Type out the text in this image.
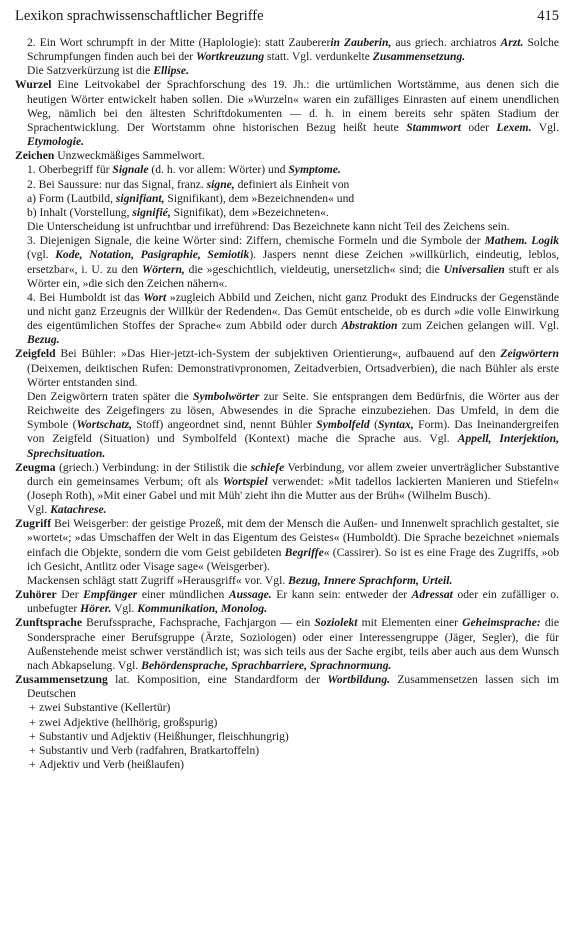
Lexikon sprachwissenschaftlicher Begriffe	415
2. Ein Wort schrumpft in der Mitte (Haplologie): statt Zaubererin Zauberin, aus griech. archiatros Arzt. Solche Schrumpfungen finden auch bei der Wortkreuzung statt. Vgl. verdunkelte Zusammensetzung.
Die Satzverkürzung ist die Ellipse.
Wurzel Eine Leitvokabel der Sprachforschung des 19. Jh.: die urtümlichen Wortstämme, aus denen sich die heutigen Wörter entwickelt haben sollen. Die »Wurzeln« waren ein zufälliges Einrasten auf einem unendlichen Weg, nämlich bei den ältesten Schriftdokumenten — d. h. in einem bereits sehr späten Stadium der Sprachentwicklung. Der Wortstamm ohne historischen Bezug heißt heute Stammwort oder Lexem. Vgl. Etymologie.
Zeichen Unzweckmäßiges Sammelwort.
1. Oberbegriff für Signale (d. h. vor allem: Wörter) und Symptome.
2. Bei Saussure: nur das Signal, franz. signe, definiert als Einheit von
a) Form (Lautbild, signifiant, Signifikant), dem »Bezeichnenden« und
b) Inhalt (Vorstellung, signifié, Signifikat), dem »Bezeichneten«.
Die Unterscheidung ist unfruchtbar und irreführend: Das Bezeichnete kann nicht Teil des Zeichens sein.
3. Diejenigen Signale, die keine Wörter sind: Ziffern, chemische Formeln und die Symbole der Mathem. Logik (vgl. Kode, Notation, Pasigraphie, Semiotik). Jaspers nennt diese Zeichen »willkürlich, eindeutig, leblos, ersetzbar«, i. U. zu den Wörtern, die »geschichtlich, vieldeutig, unersetzlich« sind; die Universalien stuft er als Wörter ein, »die sich den Zeichen nähern«.
4. Bei Humboldt ist das Wort »zugleich Abbild und Zeichen, nicht ganz Produkt des Eindrucks der Gegenstände und nicht ganz Erzeugnis der Willkür der Redenden«. Das Gemüt entscheide, ob es durch »die volle Einwirkung des eigentümlichen Stoffes der Sprache« zum Abbild oder durch Abstraktion zum Zeichen gelangen will. Vgl. Bezug.
Zeigfeld Bei Bühler: »Das Hier-jetzt-ich-System der subjektiven Orientierung«, aufbauend auf den Zeigwörtern (Deixemen, deiktischen Rufen: Demonstrativpronomen, Zeitadverbien, Ortsadverbien), die nach Bühler als erste Wörter entstanden sind.
Den Zeigwörtern traten später die Symbolwörter zur Seite. Sie entsprangen dem Bedürfnis, die Wörter aus der Reichweite des Zeigefingers zu lösen, Abwesendes in die Sprache einzubeziehen. Das Umfeld, in dem die Symbole (Wortschatz, Stoff) angeordnet sind, nennt Bühler Symbolfeld (Syntax, Form). Das Ineinandergreifen von Zeigfeld (Situation) und Symbolfeld (Kontext) mache die Sprache aus. Vgl. Appell, Interjektion, Sprechsituation.
Zeugma (griech.) Verbindung: in der Stilistik die schiefe Verbindung, vor allem zweier unverträglicher Substantive durch ein gemeinsames Verbum; oft als Wortspiel verwendet: »Mit tadellos lackierten Manieren und Stiefeln« (Joseph Roth), »Mit einer Gabel und mit Müh' zieht ihn die Mutter aus der Brüh« (Wilhelm Busch).
Vgl. Katachrese.
Zugriff Bei Weisgerber: der geistige Prozeß, mit dem der Mensch die Außen- und Innenwelt sprachlich gestaltet, sie »wortet«; »das Umschaffen der Welt in das Eigentum des Geistes« (Humboldt). Die Sprache bezeichnet »niemals einfach die Objekte, sondern die vom Geist gebildeten Begriffe« (Cassirer). So ist es eine Frage des Zugriffs, »ob ich Gesicht, Antlitz oder Visage sage« (Weisgerber).
Mackensen schlägt statt Zugriff »Herausgriff« vor. Vgl. Bezug, Innere Sprachform, Urteil.
Zuhörer Der Empfänger einer mündlichen Aussage. Er kann sein: entweder der Adressat oder ein zufälliger o. unbefugter Hörer. Vgl. Kommunikation, Monolog.
Zunftsprache Berufssprache, Fachsprache, Fachjargon — ein Soziolekt mit Elementen einer Geheimsprache: die Sondersprache einer Berufsgruppe (Ärzte, Soziologen) oder einer Interessengruppe (Jäger, Segler), die für Außenstehende meist schwer verständlich ist; was sich teils aus der Sache ergibt, teils aber auch aus dem Wunsch nach Abkapselung. Vgl. Behördensprache, Sprachbarriere, Sprachnormung.
Zusammensetzung lat. Komposition, eine Standardform der Wortbildung. Zusammensetzen lassen sich im Deutschen
+ zwei Substantive (Kellertür)
+ zwei Adjektive (hellhörig, großspurig)
+ Substantiv und Adjektiv (Heißhunger, fleischhungrig)
+ Substantiv und Verb (radfahren, Bratkartoffeln)
+ Adjektiv und Verb (heißlaufen)
